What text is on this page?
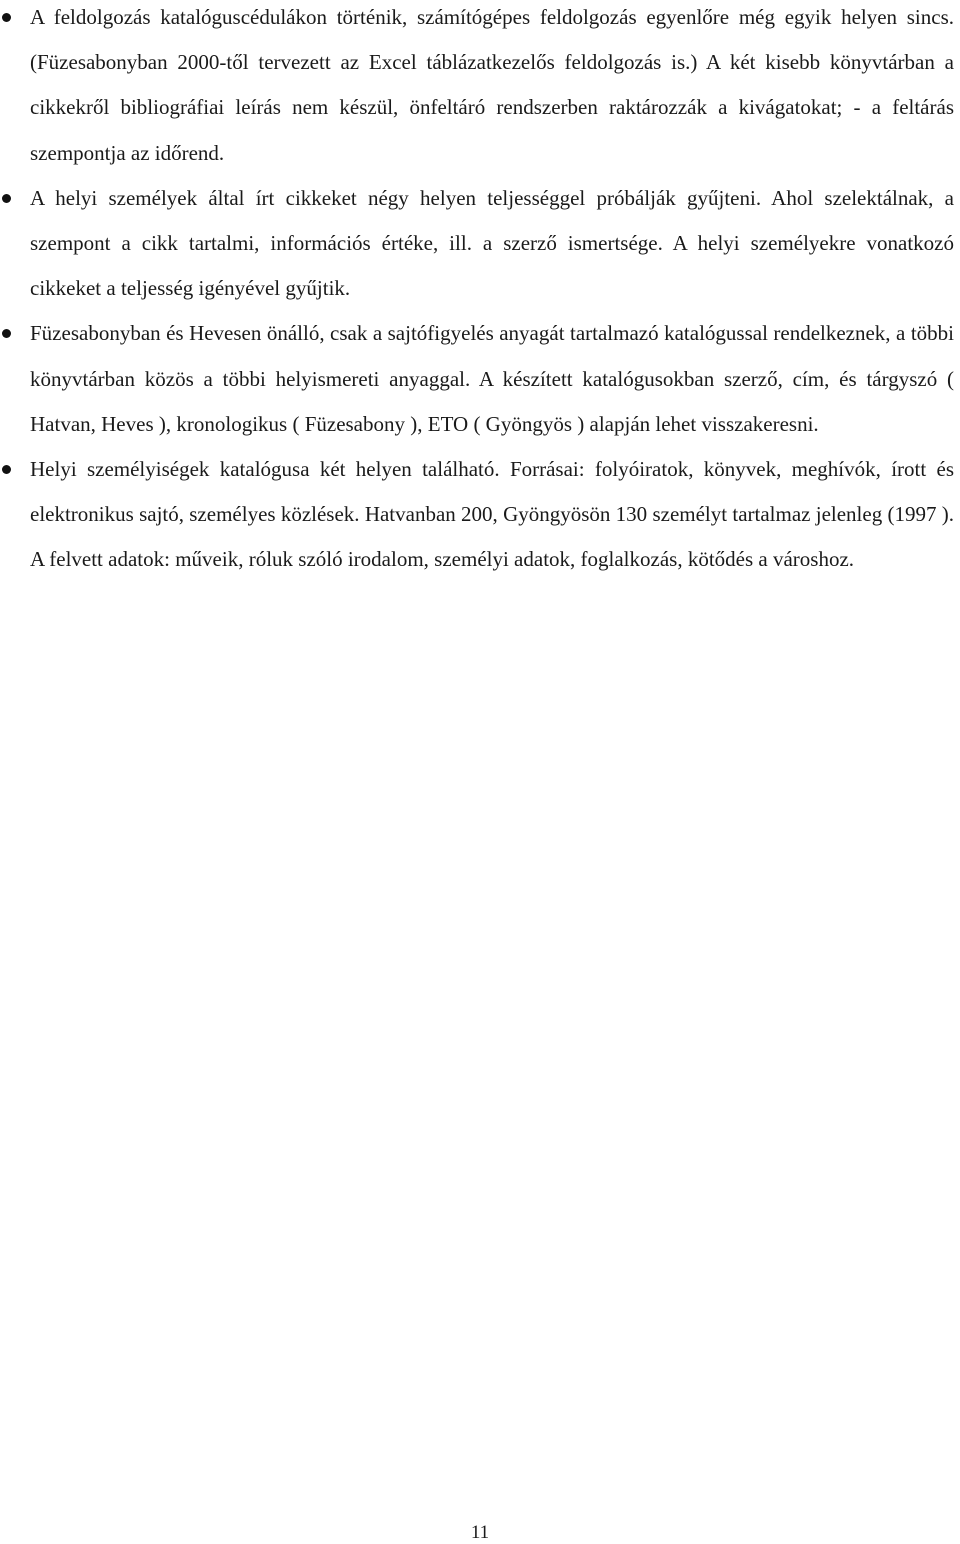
A feldolgozás katalóguscédulákon történik, számítógépes feldolgozás egyenlőre még egyik helyen sincs. (Füzesabonyban 2000-től tervezett az Excel táblázatkezelős feldolgozás is.) A két kisebb könyvtárban a cikkekről bibliográfiai leírás nem készül, önfeltáró rendszerben raktározzák a kivágatokat; - a feltárás szempontja az időrend.
A helyi személyek által írt cikkeket négy helyen teljességgel próbálják gyűjteni. Ahol szelektálnak, a szempont a cikk tartalmi, információs értéke, ill. a szerző ismertsége. A helyi személyekre vonatkozó cikkeket a teljesség igényével gyűjtik.
Füzesabonyban és Hevesen önálló, csak a sajtófigyelés anyagát tartalmazó katalógussal rendelkeznek, a többi könyvtárban közös a többi helyismereti anyaggal. A készített katalógusokban szerző, cím, és tárgyszó ( Hatvan, Heves ), kronologikus ( Füzesabony ), ETO ( Gyöngyös ) alapján lehet visszakeresni.
Helyi személyiségek katalógusa két helyen található. Forrásai: folyóiratok, könyvek, meghívók, írott és elektronikus sajtó, személyes közlések. Hatvanban 200, Gyöngyösön 130 személyt tartalmaz jelenleg (1997 ). A felvett adatok: műveik, róluk szóló irodalom, személyi adatok, foglalkozás, kötődés a városhoz.
11
